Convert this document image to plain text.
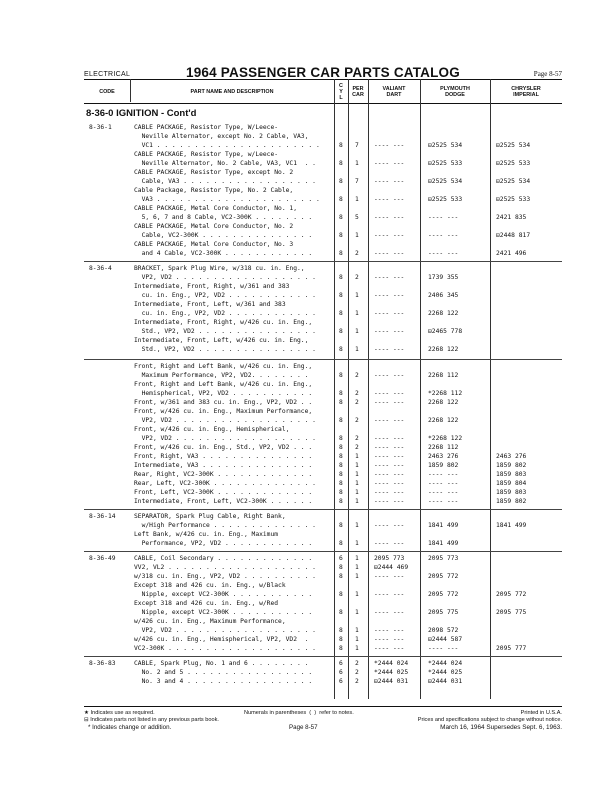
ELECTRICAL	1964 PASSENGER CAR PARTS CATALOG	Page 8-57
CODE	PART NAME AND DESCRIPTION
C
Y
L
PER
CAR
VALIANT
DART
PLYMOUTH
DODGE
CHRYSLER
IMPERIAL
8-36-0 IGNITION - Cont'd
8-36-1	CABLE PACKAGE, Resistor Type, W/Leece-
Neville Alternator, except No. 2 Cable, VA3,
VC1 . . . . . . . . . . . . . . . . . . . . . .	8 7 ---- ---	⊟2525 534	⊟2525 534
CABLE PACKAGE, Resistor Type, w/Leece-
Neville Alternator, No. 2 Cable, VA3, VC1  . .	8 1 ---- ---	⊟2525 533	⊟2525 533
CABLE PACKAGE, Resistor Type, except No. 2
Cable, VA3 . . . . . . . . . . . . . . . . . .	8 7 ---- ---	⊟2525 534	⊟2525 534
Cable Package, Resistor Type, No. 2 Cable,
VA3 . . . . . . . . . . . . . . . . . . . . . .	8 1 ---- ---	⊟2525 533	⊟2525 533
CABLE PACKAGE, Metal Core Conductor, No. 1,
5, 6, 7 and 8 Cable, VC2-300K . . . . . . . .	8 5 ---- ---	---- ---	2421 835
CABLE PACKAGE, Metal Core Conductor, No. 2
Cable, VC2-300K . . . . . . . . . . . . . . .	8 1 ---- ---	---- ---	⊟2448 817
CABLE PACKAGE, Metal Core Conductor, No. 3
and 4 Cable, VC2-300K . . . . . . . . . . . .	8 2 ---- ---	---- ---	2421 496
8-36-4	BRACKET, Spark Plug Wire, w/318 cu. in. Eng.,
VP2, VD2 . . . . . . . . . . . . . . . . . . .	8 2 ---- ---	1739 355
Intermediate, Front, Right, w/361 and 383
cu. in. Eng., VP2, VD2 . . . . . . . . . . . .	8 1 ---- ---	2406 345
Intermediate, Front, Left, w/361 and 383
cu. in. Eng., VP2, VD2 . . . . . . . . . . . .	8 1 ---- ---	2268 122
Intermediate, Front, Right, w/426 cu. in. Eng.,
Std., VP2, VD2 . . . . . . . . . . . . . . . .	8 1 ---- ---	⊟2465 778
Intermediate, Front, Left, w/426 cu. in. Eng.,
Std., VP2, VD2 . . . . . . . . . . . . . . . .	8 1 ---- ---	2268 122
Front, Right and Left Bank, w/426 cu. in. Eng.,
Maximum Performance, VP2, VD2. . . . . . . .	8 2 ---- ---	2268 112
Front, Right and Left Bank, w/426 cu. in. Eng.,
Hemispherical, VP2, VD2 . . . . . . . . . . .	8 2 ---- ---	*2268 112
Front, w/361 and 383 cu. in. Eng., VP2, VD2 . .	8 2 ---- ---	2268 122
Front, w/426 cu. in. Eng., Maximum Performance,
VP2, VD2 . . . . . . . . . . . . . . . . . . .	8 2 ---- ---	2268 122
Front, w/426 cu. in. Eng., Hemispherical,
VP2, VD2 . . . . . . . . . . . . . . . . . . .	8 2 ---- ---	*2268 122
Front, w/426 cu. in. Eng., Std., VP2, VD2 . . .	8 2 ---- ---	2268 112
Front, Right, VA3 . . . . . . . . . . . . . . .	8 1 ---- ---	2463 276	2463 276
Intermediate, VA3 . . . . . . . . . . . . . . .	8 1 ---- ---	1859 802	1859 802
Rear, Right, VC2-300K . . . . . . . . . . . . .	8 1 ---- ---	---- ---	1859 803
Rear, Left, VC2-300K . . . . . . . . . . . . . .	8 1 ---- ---	---- ---	1859 804
Front, Left, VC2-300K . . . . . . . . . . . . .	8 1 ---- ---	---- ---	1859 803
Intermediate, Front, Left, VC2-300K . . . . . .	8 1 ---- ---	---- ---	1859 802
8-36-14	SEPARATOR, Spark Plug Cable, Right Bank,
w/High Performance . . . . . . . . . . . . . .	8 1 ---- ---	1841 499	1841 499
Left Bank, w/426 cu. in. Eng., Maximum
Performance, VP2, VD2 . . . . . . . . . . . .	8 1 ---- ---	1841 499
8-36-49	CABLE, Coil Secondary . . . . . . . . . . . . .	6 1 2095 773	2095 773
VV2, VL2 . . . . . . . . . . . . . . . . . . . .	8 1 ⊟2444 469
w/318 cu. in. Eng., VP2, VD2 . . . . . . . . . .	8 1 ---- ---	2095 772
Except 318 and 426 cu. in. Eng., w/Black
Nipple, except VC2-300K . . . . . . . . . . .	8 1 ---- ---	2095 772	2095 772
Except 318 and 426 cu. in. Eng., w/Red
Nipple, except VC2-300K . . . . . . . . . . .	8 1 ---- ---	2095 775	2095 775
w/426 cu. in. Eng., Maximum Performance,
VP2, VD2 . . . . . . . . . . . . . . . . . . .	8 1 ---- ---	2098 572
w/426 cu. in. Eng., Hemispherical, VP2, VD2  .	8 1 ---- ---	⊟2444 587
VC2-300K . . . . . . . . . . . . . . . . . . . .	8 1 ---- ---	---- ---	2095 777
8-36-83	CABLE, Spark Plug, No. 1 and 6 . . . . . . . .	6 2 *2444 024	*2444 024
No. 2 and 5 . . . . . . . . . . . . . . . . .	6 2 *2444 025	*2444 025
No. 3 and 4 . . . . . . . . . . . . . . . . .	6 2 ⊟2444 031	⊟2444 031
★ Indicates use as required.
⊟ Indicates parts not listed in any previous parts book.
* Indicates change or addition.
Numerals in parentheses  (  )  refer to notes.
Page 8-57
Printed in U.S.A.
Prices and specifications subject to change without notice.
March 16, 1964 Supersedes Sept. 6, 1963.
